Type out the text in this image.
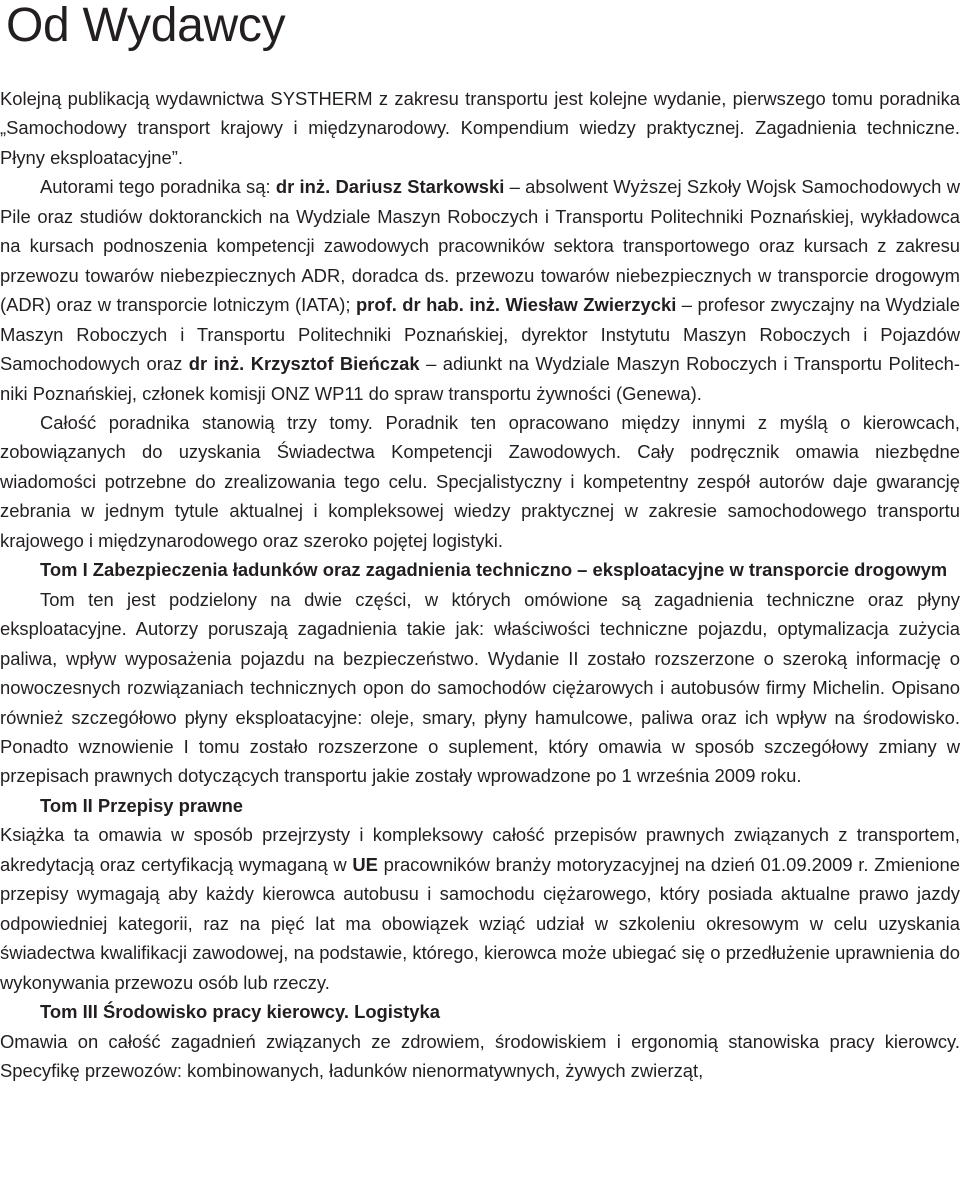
Od Wydawcy

Kolejną publikacją wydawnictwa SYSTHERM z zakresu transportu jest kolejne wydanie, pierwszego tomu poradnika „Samochodowy transport krajowy i międzynarodowy. Kompendium wiedzy praktycznej. Zagadnienia techniczne. Płyny eksploatacyjne”.

Autorami tego poradnika są: dr inż. Dariusz Starkowski – absolwent Wyższej Szkoły Wojsk Samochodowych w Pile oraz studiów doktoranckich na Wydziale Maszyn Roboczych i Transportu Politechniki Poznańskiej, wykładowca na kursach podnoszenia kompetencji zawodowych pracowników sektora transportowego oraz kursach z zakresu przewozu towarów niebezpiecznych ADR, doradca ds. przewozu towarów niebezpiecznych w transporcie drogowym (ADR) oraz w transporcie lotniczym (IATA); prof. dr hab. inż. Wiesław Zwierzycki – profesor zwyczajny na Wydziale Maszyn Roboczych i Transportu Politechniki Poznańskiej, dyrektor Instytutu Maszyn Roboczych i Pojazdów Samochodowych oraz dr inż. Krzysztof Bieńczak – adiunkt na Wydziale Maszyn Roboczych i Transportu Politechniki Poznańskiej, członek komisji ONZ WP11 do spraw transportu żywności (Genewa).

Całość poradnika stanowią trzy tomy. Poradnik ten opracowano między innymi z myślą o kierowcach, zobowiązanych do uzyskania Świadectwa Kompetencji Zawodowych. Cały podręcznik omawia niezbędne wiadomości potrzebne do zrealizowania tego celu. Specjalistyczny i kompetentny zespół autorów daje gwarancję zebrania w jednym tytule aktualnej i kompleksowej wiedzy praktycznej w zakresie samochodowego transportu krajowego i międzynarodowego oraz szeroko pojętej logistyki.

Tom I Zabezpieczenia ładunków oraz zagadnienia techniczno – eksploatacyjne w transporcie drogowym

Tom ten jest podzielony na dwie części, w których omówione są zagadnienia techniczne oraz płyny eksploatacyjne. Autorzy poruszają zagadnienia takie jak: właściwości techniczne pojazdu, optymalizacja zużycia paliwa, wpływ wyposażenia pojazdu na bezpieczeństwo. Wydanie II zostało rozszerzone o szeroką informację o nowoczesnych rozwiązaniach technicznych opon do samochodów ciężarowych i autobusów firmy Michelin. Opisano również szczegółowo płyny eksploatacyjne: oleje, smary, płyny hamulcowe, paliwa oraz ich wpływ na środowisko. Ponadto wznowienie I tomu zostało rozszerzone o suplement, który omawia w sposób szczegółowy zmiany w przepisach prawnych dotyczących transportu jakie zostały wprowadzone po 1 września 2009 roku.

Tom II Przepisy prawne

Książka ta omawia w sposób przejrzysty i kompleksowy całość przepisów prawnych związanych z transportem, akredytacją oraz certyfikacją wymaganą w UE pracowników branży motoryzacyjnej na dzień 01.09.2009 r. Zmienione przepisy wymagają aby każdy kierowca autobusu i samochodu ciężarowego, który posiada aktualne prawo jazdy odpowiedniej kategorii, raz na pięć lat ma obowiązek wziąć udział w szkoleniu okresowym w celu uzyskania świadectwa kwalifikacji zawodowej, na podstawie, którego, kierowca może ubiegać się o przedłużenie uprawnienia do wykonywania przewozu osób lub rzeczy.

Tom III Środowisko pracy kierowcy. Logistyka

Omawia on całość zagadnień związanych ze zdrowiem, środowiskiem i ergonomią stanowiska pracy kierowcy. Specyfikę przewozów: kombinowanych, ładunków nienormatywnych, żywych zwierząt,
